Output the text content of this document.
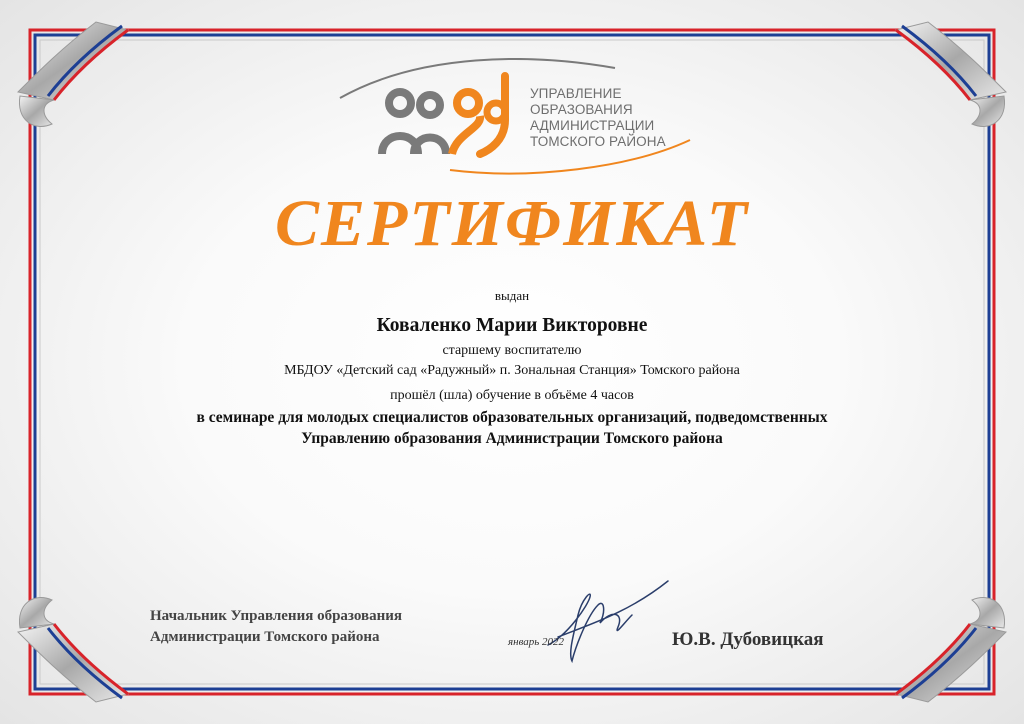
УПРАВЛЕНИЕ
ОБРАЗОВАНИЯ
АДМИНИСТРАЦИИ
ТОМСКОГО РАЙОНА
СЕРТИФИКАТ
выдан
Коваленко Марии Викторовне
старшему воспитателю
МБДОУ «Детский сад «Радужный» п. Зональная Станция» Томского района
прошёл (шла) обучение в объёме 4 часов
в семинаре для молодых специалистов образовательных организаций, подведомственных
Управлению образования Администрации Томского района
Начальник Управления образования
Администрации Томского района	январь 2022	Ю.В. Дубовицкая
